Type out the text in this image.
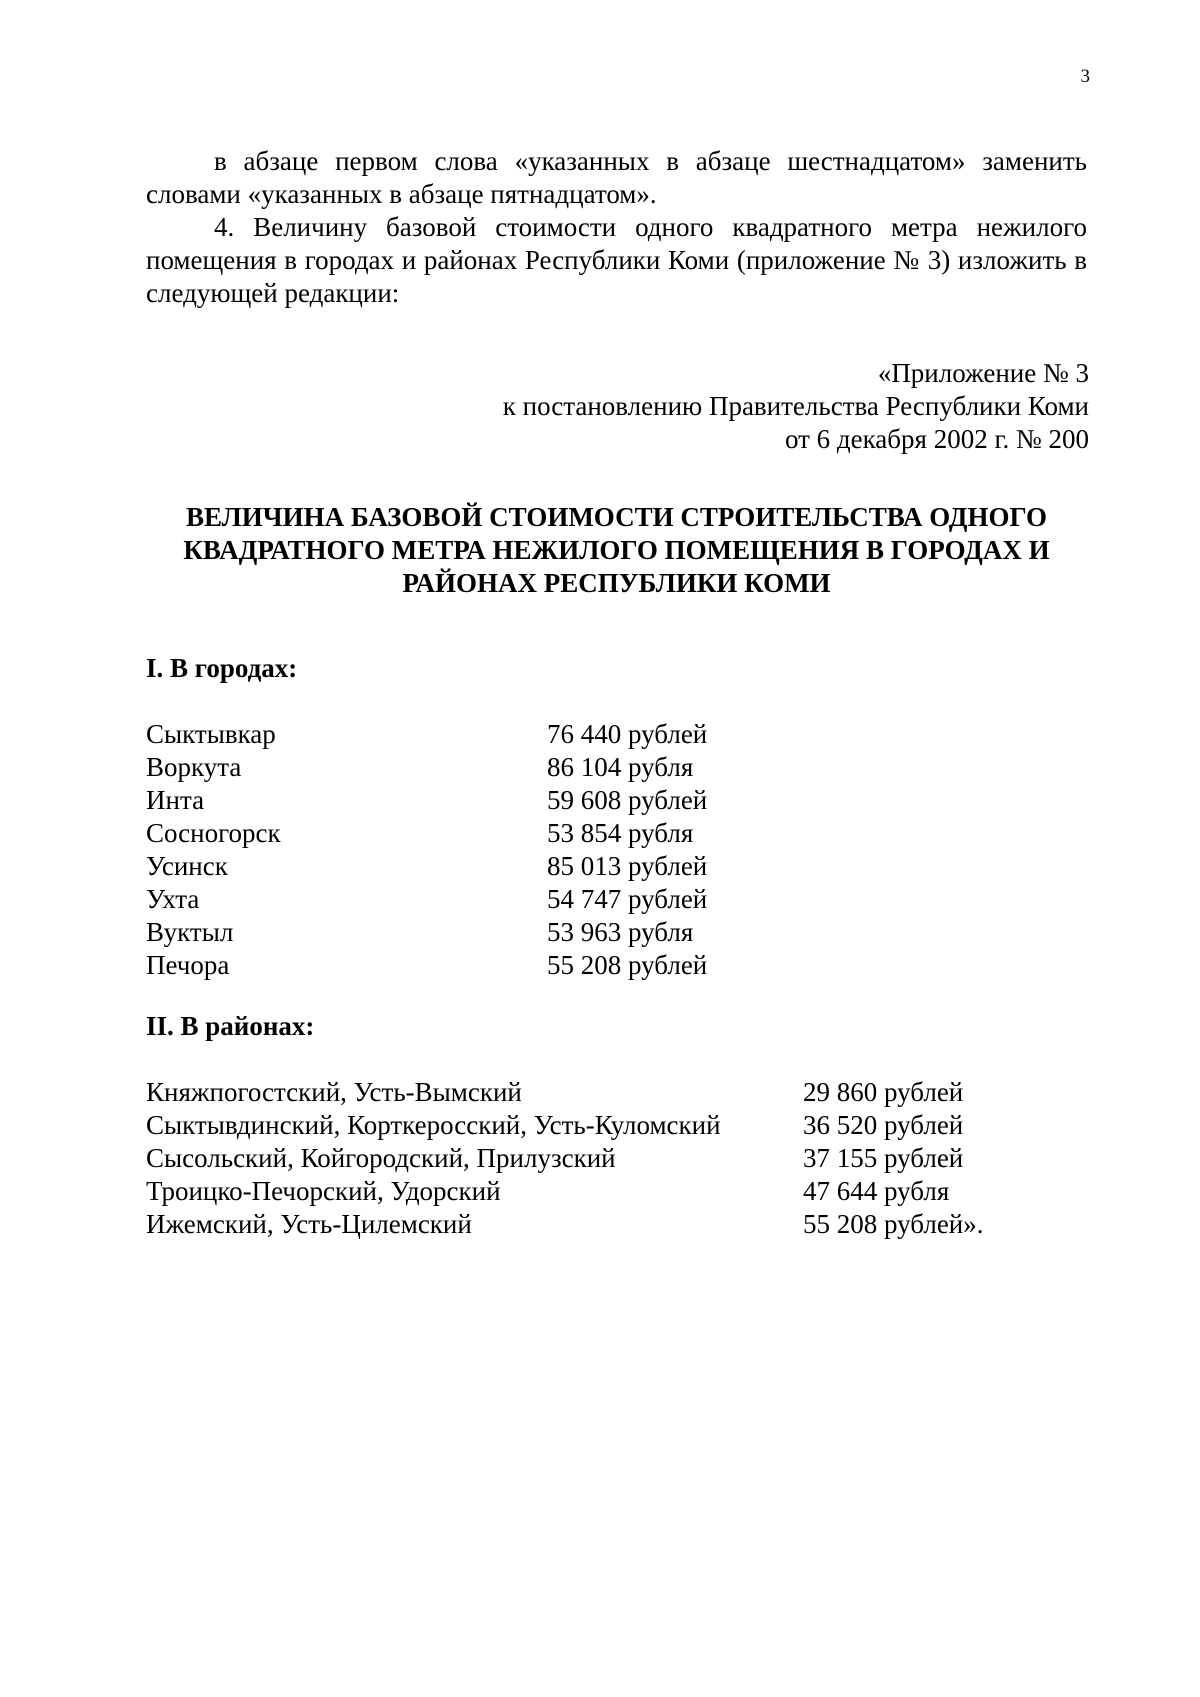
3

в абзаце первом слова «указанных в абзаце шестнадцатом» заменить словами «указанных в абзаце пятнадцатом».

4. Величину базовой стоимости одного квадратного метра нежилого помещения в городах и районах Республики Коми (приложение № 3) изложить в следующей редакции:

«Приложение № 3
к постановлению Правительства Республики Коми
от 6 декабря 2002 г. № 200
ВЕЛИЧИНА БАЗОВОЙ СТОИМОСТИ СТРОИТЕЛЬСТВА ОДНОГО
КВАДРАТНОГО МЕТРА НЕЖИЛОГО ПОМЕЩЕНИЯ В ГОРОДАХ И
РАЙОНАХ РЕСПУБЛИКИ КОМИ
I. В городах:
Сыктывкар	76 440 рублей
Воркута	86 104 рубля
Инта	59 608 рублей
Сосногорск	53 854 рубля
Усинск	85 013 рублей
Ухта	54 747 рублей
Вуктыл	53 963 рубля
Печора	55 208 рублей
II. В районах:
Княжпогостский, Усть-Вымский	29 860 рублей
Сыктывдинский, Корткеросский, Усть-Куломский	36 520 рублей
Сысольский, Койгородский, Прилузский	37 155 рублей
Троицко-Печорский, Удорский	47 644 рубля
Ижемский, Усть-Цилемский	55 208 рублей».
